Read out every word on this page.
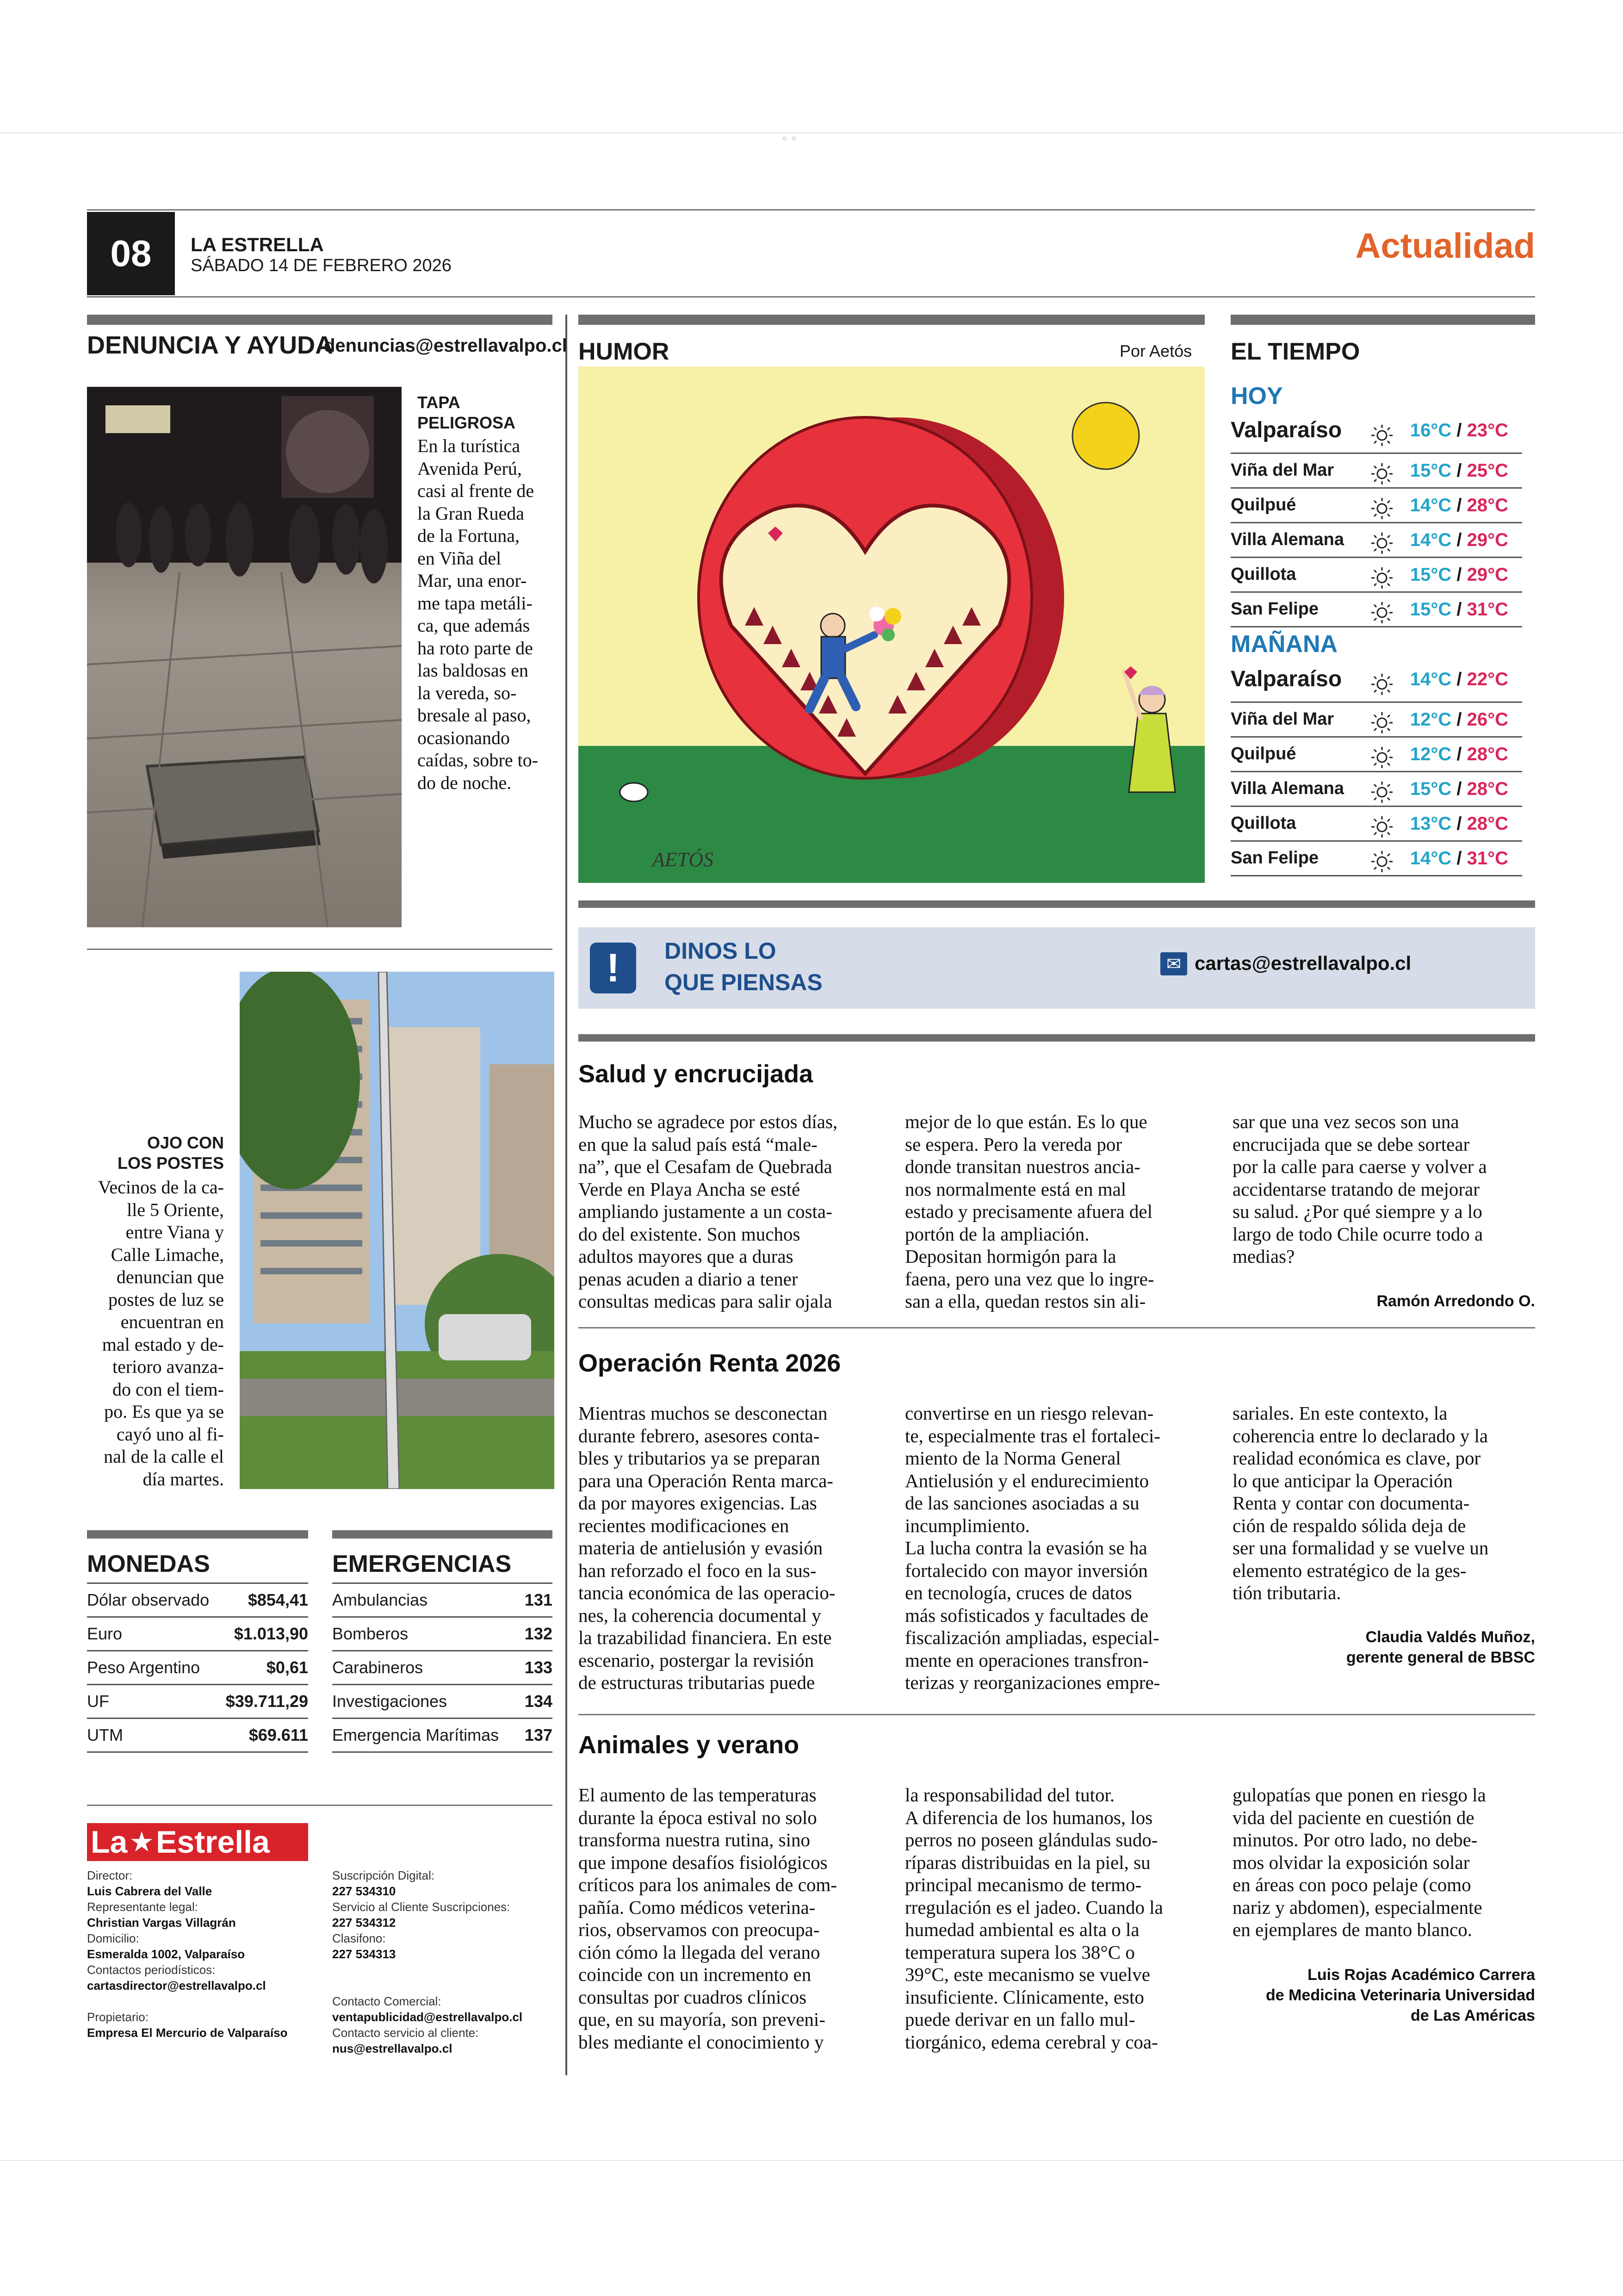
◦ ◦
08 LA ESTRELLA
SÁBADO 14 DE FEBRERO 2026	Actualidad
DENUNCIA Y AYUDA
denuncias@estrellavalpo.cl
TAPA
PELIGROSA
En la turística
Avenida Perú,
casi al frente de
la Gran Rueda
de la Fortuna,
en Viña del
Mar, una enor-
me tapa metáli-
ca, que además
ha roto parte de
las baldosas en
la vereda, so-
bresale al paso,
ocasionando
caídas, sobre to-
do de noche.
OJO CON
LOS POSTES
Vecinos de la ca-
lle 5 Oriente,
entre Viana y
Calle Limache,
denuncian que
postes de luz se
encuentran en
mal estado y de-
terioro avanza-
do con el tiem-
po. Es que ya se
cayó uno al fi-
nal de la calle el
día martes.
MONEDAS
Dólar observado $854,41
Euro	$1.013,90
Peso Argentino	$0,61
UF	$39.711,29
UTM	$69.611
EMERGENCIAS
Ambulancias	131
Bomberos	132
Carabineros	133
Investigaciones	134
Emergencia Marítimas 137
La ★ Estrella
Director:
Luis Cabrera del Valle
Representante legal:
Christian Vargas Villagrán
Domicilio:
Esmeralda 1002, Valparaíso
Contactos periodísticos:
cartasdirector@estrellavalpo.cl
Propietario:
Empresa El Mercurio de Valparaíso
Suscripción Digital:
227 534310
Servicio al Cliente Suscripciones:
227 534312
Clasifono:
227 534313
Contacto Comercial:
ventapublicidad@estrellavalpo.cl
Contacto servicio al cliente:
nus@estrellavalpo.cl
HUMOR	Por Aetós
AETÓS
EL TIEMPO
HOY
Valparaíso	16°C / 23°C
Viña del Mar	15°C / 25°C
Quilpué	14°C / 28°C
Villa Alemana	14°C / 29°C
Quillota	15°C / 29°C
San Felipe	15°C / 31°C
MAÑANA
Valparaíso	14°C / 22°C
Viña del Mar	12°C / 26°C
Quilpué	12°C / 28°C
Villa Alemana	15°C / 28°C
Quillota	13°C / 28°C
San Felipe	14°C / 31°C
!	DINOS LO
QUE PIENSAS
✉ cartas@estrellavalpo.cl
Salud y encrucijada
Mucho se agradece por estos días,
en que la salud país está “male-
na”, que el Cesafam de Quebrada
Verde en Playa Ancha se esté
ampliando justamente a un costa-
do del existente. Son muchos
adultos mayores que a duras
penas acuden a diario a tener
consultas medicas para salir ojala
mejor de lo que están. Es lo que
se espera. Pero la vereda por
donde transitan nuestros ancia-
nos normalmente está en mal
estado y precisamente afuera del
portón de la ampliación.
Depositan hormigón para la
faena, pero una vez que lo ingre-
san a ella, quedan restos sin ali-
sar que una vez secos son una
encrucijada que se debe sortear
por la calle para caerse y volver a
accidentarse tratando de mejorar
su salud. ¿Por qué siempre y a lo
largo de todo Chile ocurre todo a
medias?
Ramón Arredondo O.
Operación Renta 2026
Mientras muchos se desconectan
durante febrero, asesores conta-
bles y tributarios ya se preparan
para una Operación Renta marca-
da por mayores exigencias. Las
recientes modificaciones en
materia de antielusión y evasión
han reforzado el foco en la sus-
tancia económica de las operacio-
nes, la coherencia documental y
la trazabilidad financiera. En este
escenario, postergar la revisión
de estructuras tributarias puede
convertirse en un riesgo relevan-
te, especialmente tras el fortaleci-
miento de la Norma General
Antielusión y el endurecimiento
de las sanciones asociadas a su
incumplimiento.
La lucha contra la evasión se ha
fortalecido con mayor inversión
en tecnología, cruces de datos
más sofisticados y facultades de
fiscalización ampliadas, especial-
mente en operaciones transfron-
terizas y reorganizaciones empre-
sariales. En este contexto, la
coherencia entre lo declarado y la
realidad económica es clave, por
lo que anticipar la Operación
Renta y contar con documenta-
ción de respaldo sólida deja de
ser una formalidad y se vuelve un
elemento estratégico de la ges-
tión tributaria.
Claudia Valdés Muñoz,
gerente general de BBSC
Animales y verano
El aumento de las temperaturas
durante la época estival no solo
transforma nuestra rutina, sino
que impone desafíos fisiológicos
críticos para los animales de com-
pañía. Como médicos veterina-
rios, observamos con preocupa-
ción cómo la llegada del verano
coincide con un incremento en
consultas por cuadros clínicos
que, en su mayoría, son preveni-
bles mediante el conocimiento y
la responsabilidad del tutor.
A diferencia de los humanos, los
perros no poseen glándulas sudo-
ríparas distribuidas en la piel, su
principal mecanismo de termo-
rregulación es el jadeo. Cuando la
humedad ambiental es alta o la
temperatura supera los 38°C o
39°C, este mecanismo se vuelve
insuficiente. Clínicamente, esto
puede derivar en un fallo mul-
tiorgánico, edema cerebral y coa-
gulopatías que ponen en riesgo la
vida del paciente en cuestión de
minutos. Por otro lado, no debe-
mos olvidar la exposición solar
en áreas con poco pelaje (como
nariz y abdomen), especialmente
en ejemplares de manto blanco.
Luis Rojas Académico Carrera
de Medicina Veterinaria Universidad
de Las Américas
